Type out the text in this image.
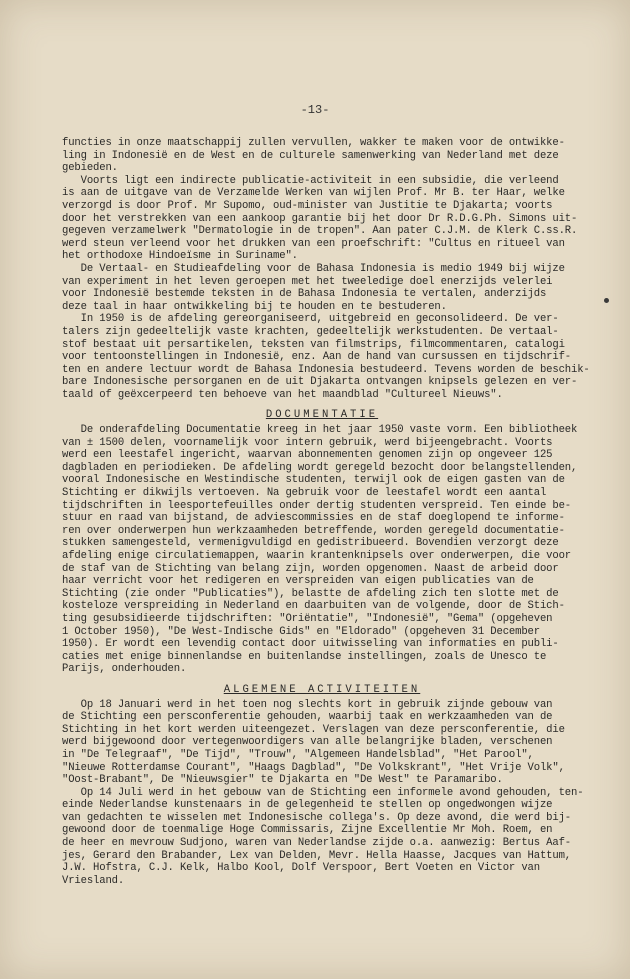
-13-
functies in onze maatschappij zullen vervullen, wakker te maken voor de ontwikke-
ling in Indonesië en de West en de culturele samenwerking van Nederland met deze
gebieden.
Voorts ligt een indirecte publicatie-activiteit in een subsidie, die verleend
is aan de uitgave van de Verzamelde Werken van wijlen Prof. Mr B. ter Haar, welke
verzorgd is door Prof. Mr Supomo, oud-minister van Justitie te Djakarta; voorts
door het verstrekken van een aankoop garantie bij het door Dr R.D.G.Ph. Simons uit-
gegeven verzamelwerk "Dermatologie in de tropen". Aan pater C.J.M. de Klerk C.ss.R.
werd steun verleend voor het drukken van een proefschrift: "Cultus en ritueel van
het orthodoxe Hindoeïsme in Suriname".
De Vertaal- en Studieafdeling voor de Bahasa Indonesia is medio 1949 bij wijze
van experiment in het leven geroepen met het tweeledige doel enerzijds velerlei
voor Indonesië bestemde teksten in de Bahasa Indonesia te vertalen, anderzijds
deze taal in haar ontwikkeling bij te houden en te bestuderen.
In 1950 is de afdeling gereorganiseerd, uitgebreid en geconsolideerd. De ver-
talers zijn gedeeltelijk vaste krachten, gedeeltelijk werkstudenten. De vertaal-
stof bestaat uit persartikelen, teksten van filmstrips, filmcommentaren, catalogi
voor tentoonstellingen in Indonesië, enz. Aan de hand van cursussen en tijdschrif-
ten en andere lectuur wordt de Bahasa Indonesia bestudeerd. Tevens worden de beschik-
bare Indonesische persorganen en de uit Djakarta ontvangen knipsels gelezen en ver-
taald of geëxcerpeerd ten behoeve van het maandblad "Cultureel Nieuws".
DOCUMENTATIE
De onderafdeling Documentatie kreeg in het jaar 1950 vaste vorm. Een bibliotheek
van ± 1500 delen, voornamelijk voor intern gebruik, werd bijeengebracht. Voorts
werd een leestafel ingericht, waarvan abonnementen genomen zijn op ongeveer 125
dagbladen en periodieken. De afdeling wordt geregeld bezocht door belangstellenden,
vooral Indonesische en Westindische studenten, terwijl ook de eigen gasten van de
Stichting er dikwijls vertoeven. Na gebruik voor de leestafel wordt een aantal
tijdschriften in leesportefeuilles onder dertig studenten verspreid. Ten einde be-
stuur en raad van bijstand, de adviescommissies en de staf doeglopend te informe-
ren over onderwerpen hun werkzaamheden betreffende, worden geregeld documentatie-
stukken samengesteld, vermenigvuldigd en gedistribueerd. Bovendien verzorgt deze
afdeling enige circulatiemappen, waarin krantenknipsels over onderwerpen, die voor
de staf van de Stichting van belang zijn, worden opgenomen. Naast de arbeid door
haar verricht voor het redigeren en verspreiden van eigen publicaties van de
Stichting (zie onder "Publicaties"), belastte de afdeling zich ten slotte met de
kosteloze verspreiding in Nederland en daarbuiten van de volgende, door de Stich-
ting gesubsidieerde tijdschriften: "Oriëntatie", "Indonesië", "Gema" (opgeheven
1 October 1950), "De West-Indische Gids" en "Eldorado" (opgeheven 31 December
1950). Er wordt een levendig contact door uitwisseling van informaties en publi-
caties met enige binnenlandse en buitenlandse instellingen, zoals de Unesco te
Parijs, onderhouden.
ALGEMENE ACTIVITEITEN
Op 18 Januari werd in het toen nog slechts kort in gebruik zijnde gebouw van
de Stichting een persconferentie gehouden, waarbij taak en werkzaamheden van de
Stichting in het kort werden uiteengezet. Verslagen van deze persconferentie, die
werd bijgewoond door vertegenwoordigers van alle belangrijke bladen, verschenen
in "De Telegraaf", "De Tijd", "Trouw", "Algemeen Handelsblad", "Het Parool",
"Nieuwe Rotterdamse Courant", "Haags Dagblad", "De Volkskrant", "Het Vrije Volk",
"Oost-Brabant", De "Nieuwsgier" te Djakarta en "De West" te Paramaribo.
Op 14 Juli werd in het gebouw van de Stichting een informele avond gehouden, ten-
einde Nederlandse kunstenaars in de gelegenheid te stellen op ongedwongen wijze
van gedachten te wisselen met Indonesische collega's. Op deze avond, die werd bij-
gewoond door de toenmalige Hoge Commissaris, Zijne Excellentie Mr Moh. Roem, en
de heer en mevrouw Sudjono, waren van Nederlandse zijde o.a. aanwezig: Bertus Aaf-
jes, Gerard den Brabander, Lex van Delden, Mevr. Hella Haasse, Jacques van Hattum,
J.W. Hofstra, C.J. Kelk, Halbo Kool, Dolf Verspoor, Bert Voeten en Victor van
Vriesland.
